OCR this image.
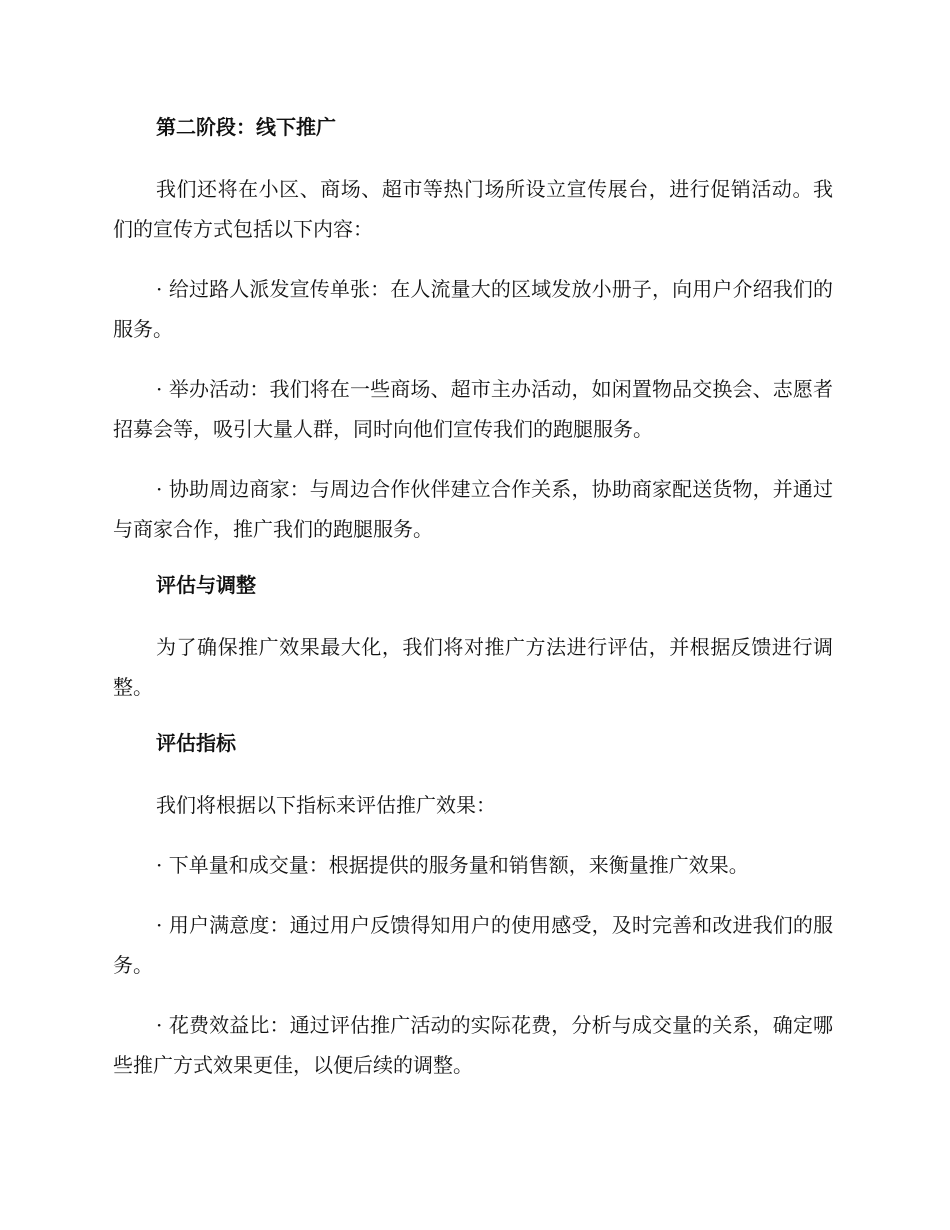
第二阶段：线下推广

我们还将在小区、商场、超市等热门场所设立宣传展台，进行促销活动。我们的宣传方式包括以下内容：

· 给过路人派发宣传单张：在人流量大的区域发放小册子，向用户介绍我们的服务。

· 举办活动：我们将在一些商场、超市主办活动，如闲置物品交换会、志愿者招募会等，吸引大量人群，同时向他们宣传我们的跑腿服务。

· 协助周边商家：与周边合作伙伴建立合作关系，协助商家配送货物，并通过与商家合作，推广我们的跑腿服务。

评估与调整

为了确保推广效果最大化，我们将对推广方法进行评估，并根据反馈进行调整。

评估指标

我们将根据以下指标来评估推广效果：

· 下单量和成交量：根据提供的服务量和销售额，来衡量推广效果。

· 用户满意度：通过用户反馈得知用户的使用感受，及时完善和改进我们的服务。

· 花费效益比：通过评估推广活动的实际花费，分析与成交量的关系，确定哪些推广方式效果更佳，以便后续的调整。
